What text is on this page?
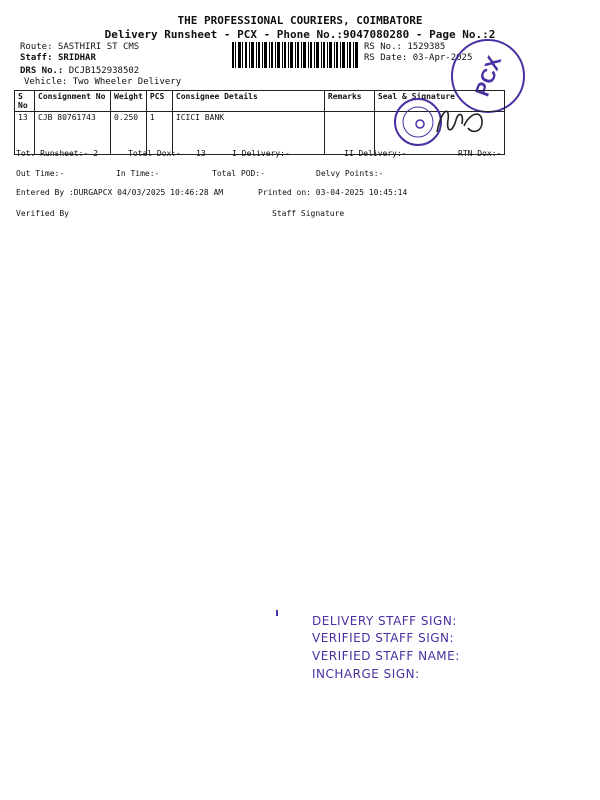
THE PROFESSIONAL COURIERS, COIMBATORE
Delivery Runsheet - PCX - Phone No.:9047080280 - Page No.:2
Route: SASTHIRI ST CMS
Staff: SRIDHAR
DRS No.: DCJB152938502
Vehicle: Two Wheeler Delivery
RS No.: 1529385
RS Date: 03-Apr-2025 PCX
S No	Consignment No	Weight	PCS	Consignee Details	Remarks	Seal & Signature
13	CJB 80761743	0.250	1	ICICI BANK		
Tot. Runsheet:- 2	Total Dox:- 13	I Delivery:-	II Delivery:-	RTN Dox:-
Out Time:-	In Time:-	Total POD:-	Delvy Points:-
Entered By :DURGAPCX 04/03/2025 10:46:28 AM	Printed on: 03-04-2025 10:45:14
Verified By	Staff Signature
DELIVERY STAFF SIGN:
VERIFIED STAFF SIGN:
VERIFIED STAFF NAME:
INCHARGE SIGN:
